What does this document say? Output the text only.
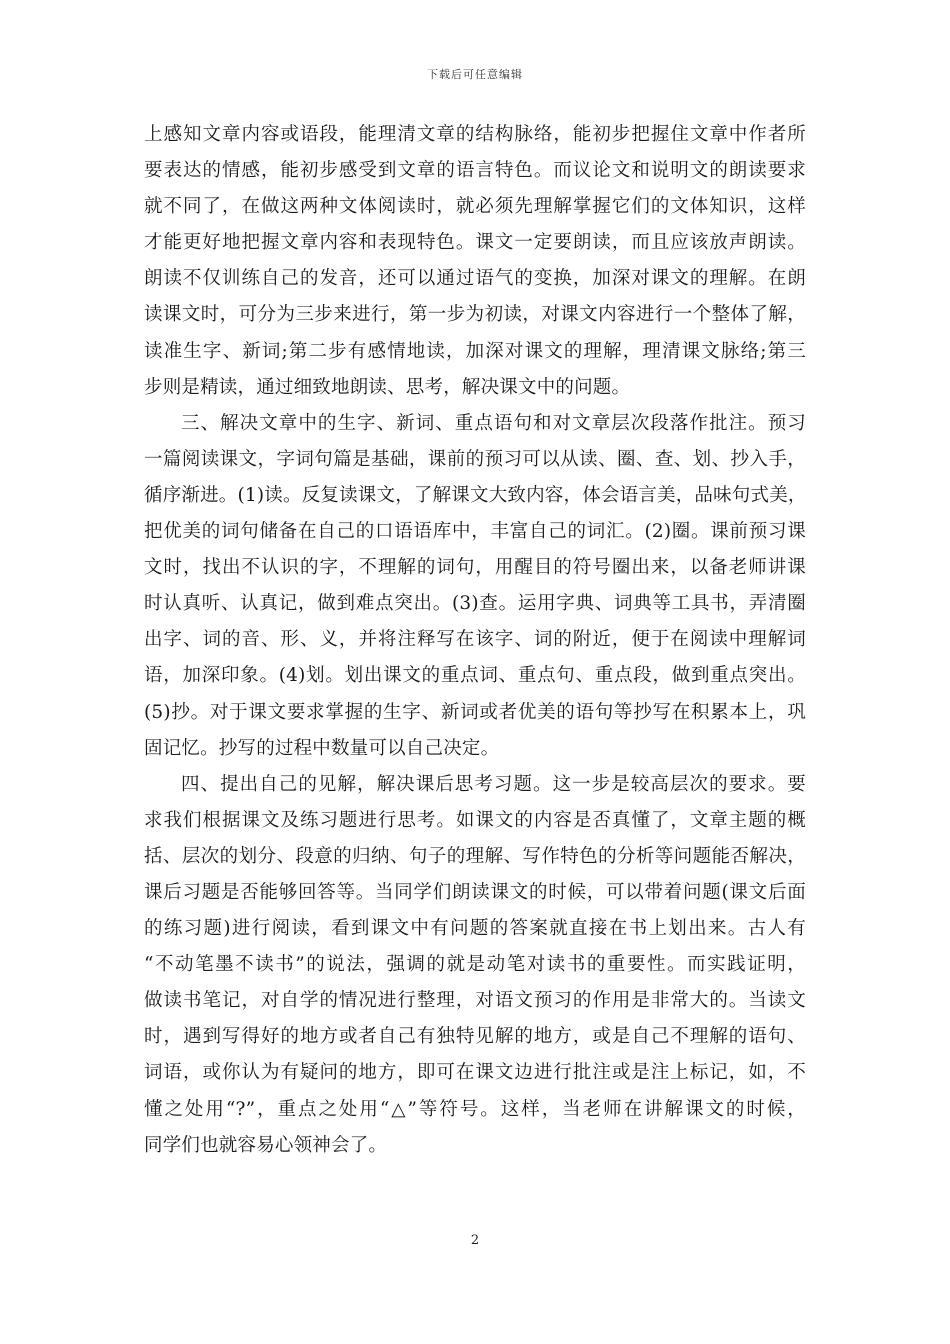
下载后可任意编辑
上感知文章内容或语段，能理清文章的结构脉络，能初步把握住文章中作者所
要表达的情感，能初步感受到文章的语言特色。而议论文和说明文的朗读要求
就不同了，在做这两种文体阅读时，就必须先理解掌握它们的文体知识，这样
才能更好地把握文章内容和表现特色。课文一定要朗读，而且应该放声朗读。
朗读不仅训练自己的发音，还可以通过语气的变换，加深对课文的理解。在朗
读课文时，可分为三步来进行，第一步为初读，对课文内容进行一个整体了解，
读准生字、新词;第二步有感情地读，加深对课文的理解，理清课文脉络;第三
步则是精读，通过细致地朗读、思考，解决课文中的问题。
三、解决文章中的生字、新词、重点语句和对文章层次段落作批注。预习
一篇阅读课文，字词句篇是基础，课前的预习可以从读、圈、查、划、抄入手，
循序渐进。(1)读。反复读课文，了解课文大致内容，体会语言美，品味句式美，
把优美的词句储备在自己的口语语库中，丰富自己的词汇。(2)圈。课前预习课
文时，找出不认识的字，不理解的词句，用醒目的符号圈出来，以备老师讲课
时认真听、认真记，做到难点突出。(3)查。运用字典、词典等工具书，弄清圈
出字、词的音、形、义，并将注释写在该字、词的附近，便于在阅读中理解词
语，加深印象。(4)划。划出课文的重点词、重点句、重点段，做到重点突出。
(5)抄。对于课文要求掌握的生字、新词或者优美的语句等抄写在积累本上，巩
固记忆。抄写的过程中数量可以自己决定。
四、提出自己的见解，解决课后思考习题。这一步是较高层次的要求。要
求我们根据课文及练习题进行思考。如课文的内容是否真懂了，文章主题的概
括、层次的划分、段意的归纳、句子的理解、写作特色的分析等问题能否解决，
课后习题是否能够回答等。当同学们朗读课文的时候，可以带着问题(课文后面
的练习题)进行阅读，看到课文中有问题的答案就直接在书上划出来。古人有
“不动笔墨不读书”的说法，强调的就是动笔对读书的重要性。而实践证明，
做读书笔记，对自学的情况进行整理，对语文预习的作用是非常大的。当读文
时，遇到写得好的地方或者自己有独特见解的地方，或是自己不理解的语句、
词语，或你认为有疑问的地方，即可在课文边进行批注或是注上标记，如，不
懂之处用“?”，重点之处用“△”等符号。这样，当老师在讲解课文的时候，
同学们也就容易心领神会了。
2
